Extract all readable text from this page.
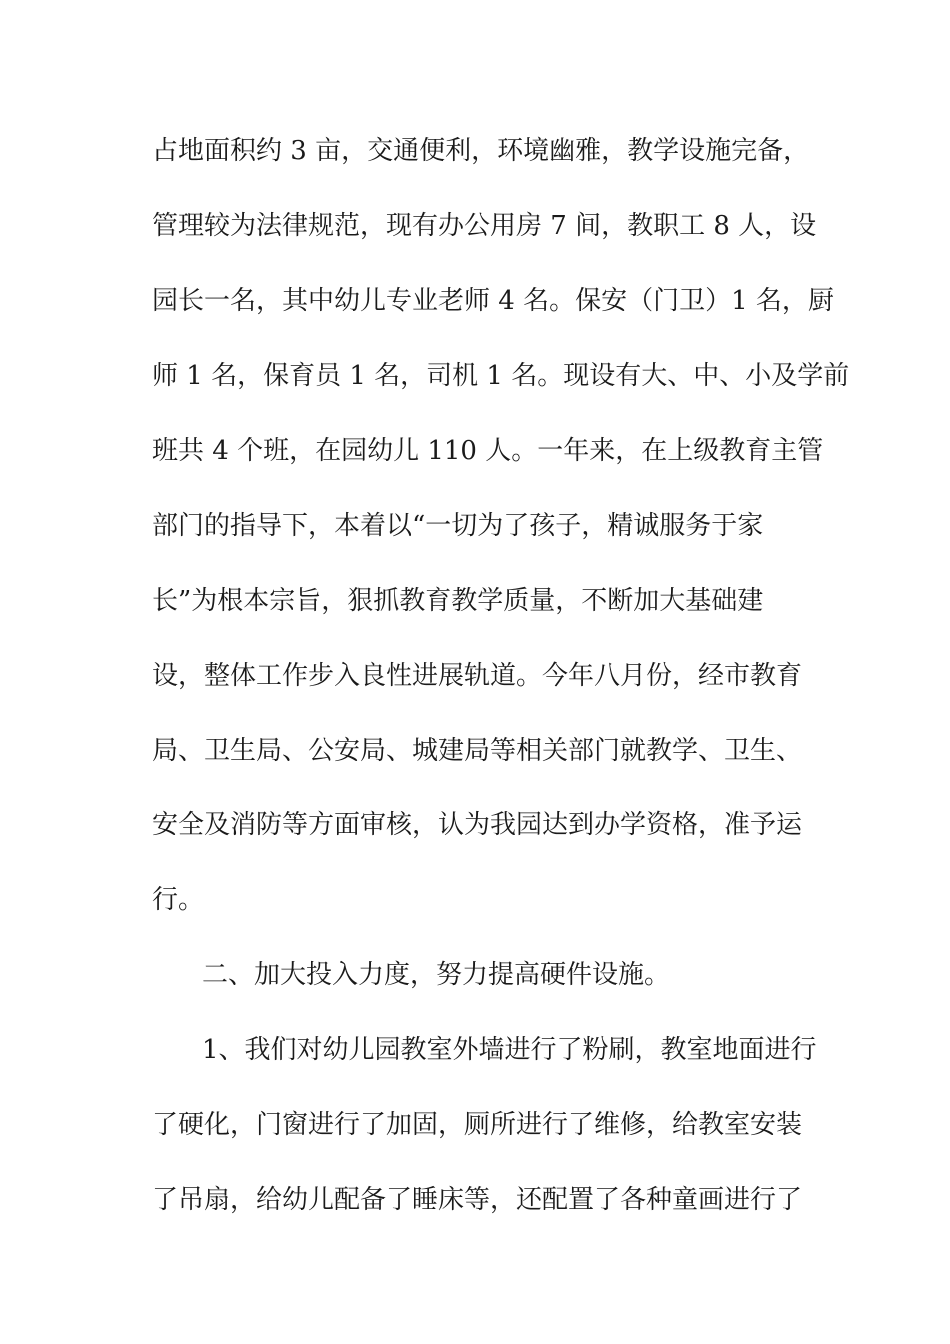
占地面积约 3 亩，交通便利，环境幽雅，教学设施完备，
管理较为法律规范，现有办公用房 7 间，教职工 8 人，设
园长一名，其中幼儿专业老师 4 名。保安（门卫）1 名，厨
师 1 名，保育员 1 名，司机 1 名。现设有大、中、小及学前
班共 4 个班，在园幼儿 110 人。一年来，在上级教育主管
部门的指导下，本着以“一切为了孩子，精诚服务于家
长”为根本宗旨，狠抓教育教学质量，不断加大基础建
设，整体工作步入良性进展轨道。今年八月份，经市教育
局、卫生局、公安局、城建局等相关部门就教学、卫生、
安全及消防等方面审核，认为我园达到办学资格，准予运
行。
二、加大投入力度，努力提高硬件设施。
1、我们对幼儿园教室外墙进行了粉刷，教室地面进行
了硬化，门窗进行了加固，厕所进行了维修，给教室安装
了吊扇，给幼儿配备了睡床等，还配置了各种童画进行了
